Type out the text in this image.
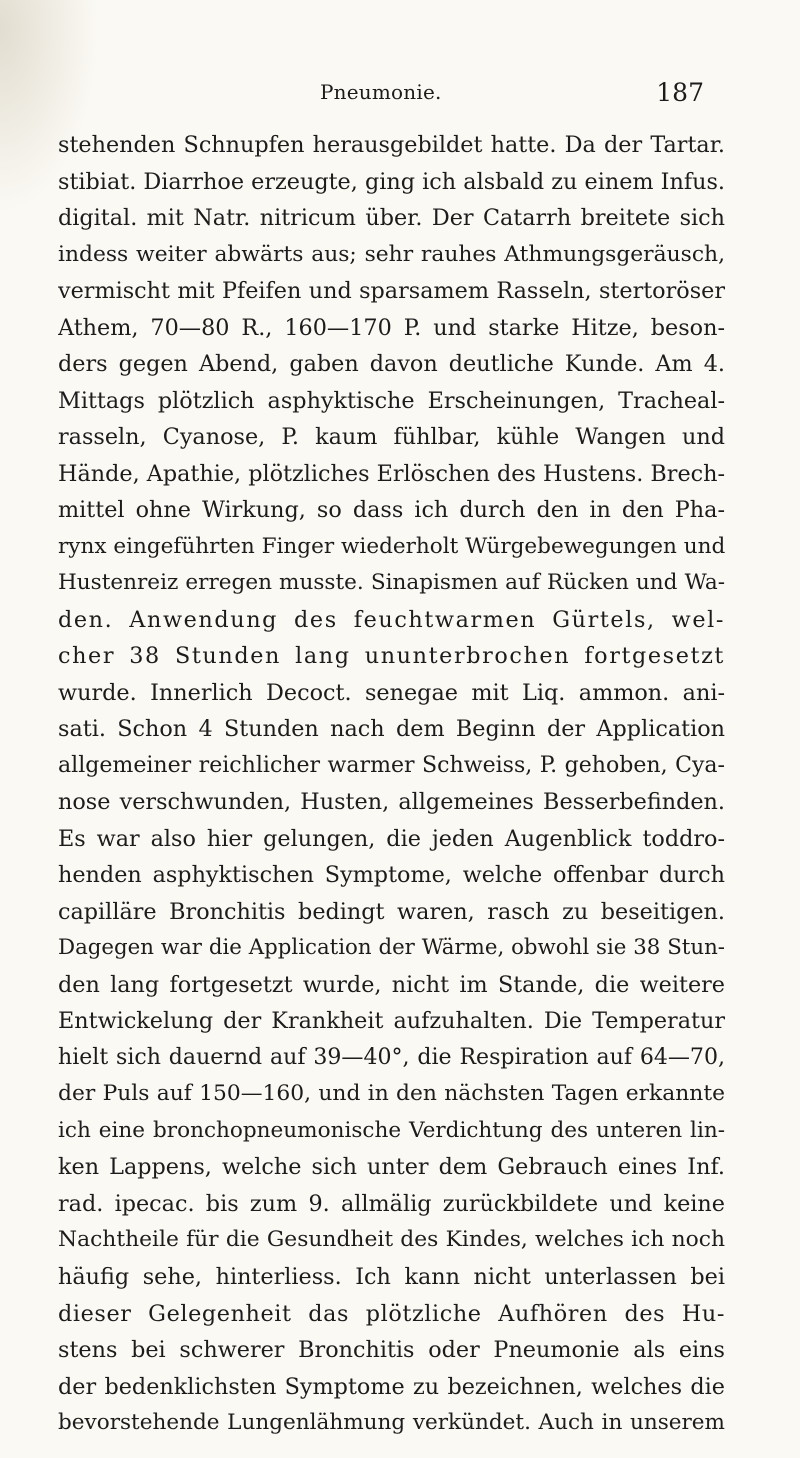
Pneumonie.	187
stehenden Schnupfen herausgebildet hatte. Da der Tartar.
stibiat. Diarrhoe erzeugte, ging ich alsbald zu einem Infus.
digital. mit Natr. nitricum über. Der Catarrh breitete sich
indess weiter abwärts aus; sehr rauhes Athmungsgeräusch,
vermischt mit Pfeifen und sparsamem Rasseln, stertoröser
Athem, 70—80 R., 160—170 P. und starke Hitze, beson-
ders gegen Abend, gaben davon deutliche Kunde. Am 4.
Mittags plötzlich asphyktische Erscheinungen, Tracheal-
rasseln, Cyanose, P. kaum fühlbar, kühle Wangen und
Hände, Apathie, plötzliches Erlöschen des Hustens. Brech-
mittel ohne Wirkung, so dass ich durch den in den Pha-
rynx eingeführten Finger wiederholt Würgebewegungen und
Hustenreiz erregen musste. Sinapismen auf Rücken und Wa-
den. Anwendung des feuchtwarmen Gürtels, wel-
cher 38 Stunden lang ununterbrochen fortgesetzt
wurde. Innerlich Decoct. senegae mit Liq. ammon. ani-
sati. Schon 4 Stunden nach dem Beginn der Application
allgemeiner reichlicher warmer Schweiss, P. gehoben, Cya-
nose verschwunden, Husten, allgemeines Besserbefinden.
Es war also hier gelungen, die jeden Augenblick toddro-
henden asphyktischen Symptome, welche offenbar durch
capilläre Bronchitis bedingt waren, rasch zu beseitigen.
Dagegen war die Application der Wärme, obwohl sie 38 Stun-
den lang fortgesetzt wurde, nicht im Stande, die weitere
Entwickelung der Krankheit aufzuhalten. Die Temperatur
hielt sich dauernd auf 39—40°, die Respiration auf 64—70,
der Puls auf 150—160, und in den nächsten Tagen erkannte
ich eine bronchopneumonische Verdichtung des unteren lin-
ken Lappens, welche sich unter dem Gebrauch eines Inf.
rad. ipecac. bis zum 9. allmälig zurückbildete und keine
Nachtheile für die Gesundheit des Kindes, welches ich noch
häufig sehe, hinterliess. Ich kann nicht unterlassen bei
dieser Gelegenheit das plötzliche Aufhören des Hu-
stens bei schwerer Bronchitis oder Pneumonie als eins
der bedenklichsten Symptome zu bezeichnen, welches die
bevorstehende Lungenlähmung verkündet. Auch in unserem
